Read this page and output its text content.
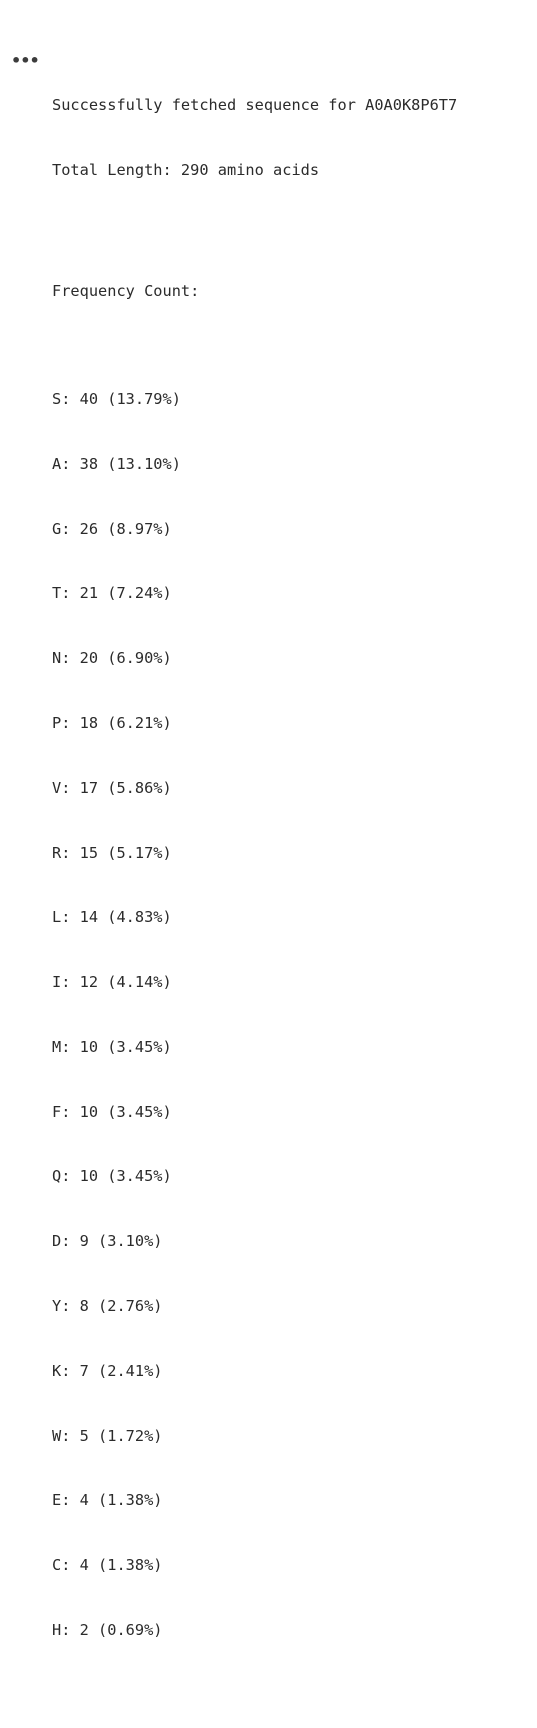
•••

Successfully fetched sequence for A0A0K8P6T7

Total Length: 290 amino acids

Frequency Count:

S: 40 (13.79%)

A: 38 (13.10%)

G: 26 (8.97%)

T: 21 (7.24%)

N: 20 (6.90%)

P: 18 (6.21%)

V: 17 (5.86%)

R: 15 (5.17%)

L: 14 (4.83%)

I: 12 (4.14%)

M: 10 (3.45%)

F: 10 (3.45%)

Q: 10 (3.45%)

D: 9 (3.10%)

Y: 8 (2.76%)

K: 7 (2.41%)

W: 5 (1.72%)

E: 4 (1.38%)

C: 4 (1.38%)

H: 2 (0.69%)
